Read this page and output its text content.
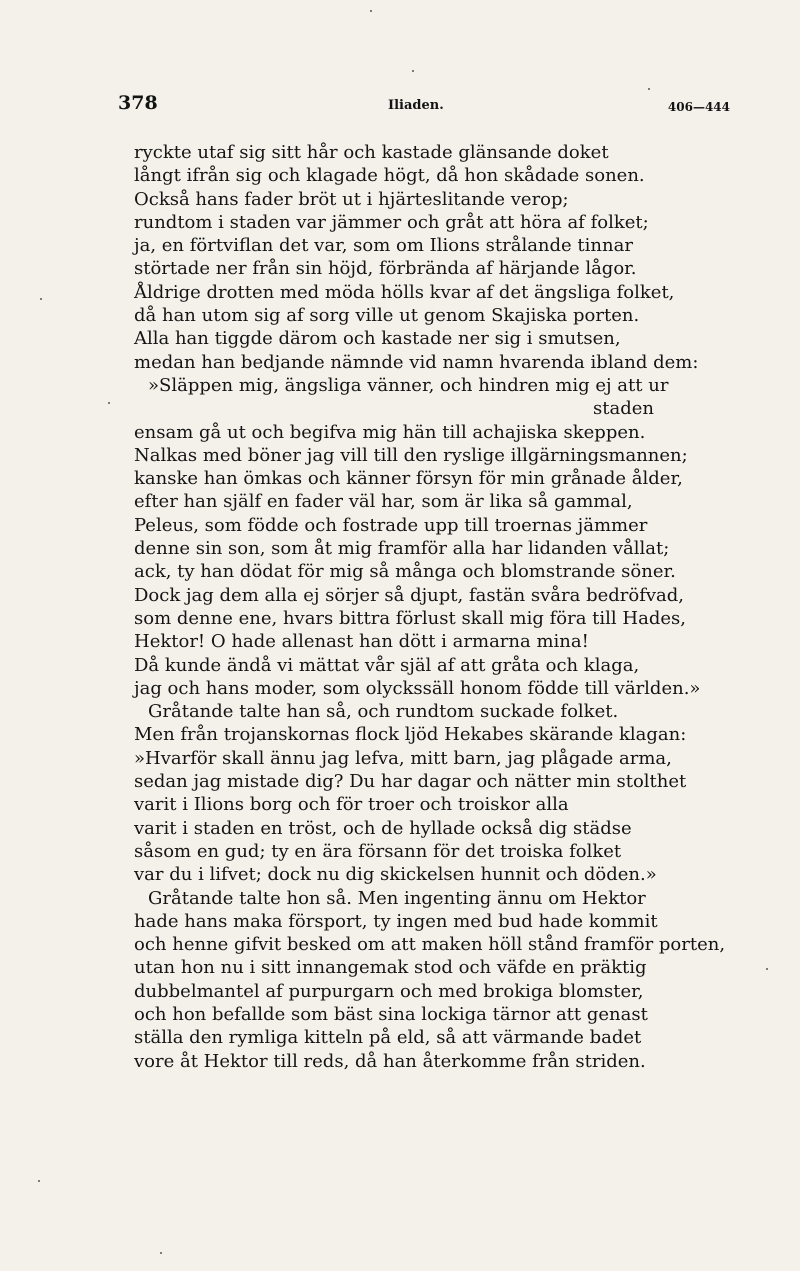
378	Iliaden.	406—444
ryckte utaf sig sitt hår och kastade glänsande doket
långt ifrån sig och klagade högt, då hon skådade sonen.
Också hans fader bröt ut i hjärteslitande verop;
rundtom i staden var jämmer och gråt att höra af folket;
ja, en förtviflan det var, som om Ilions strålande tinnar
störtade ner från sin höjd, förbrända af härjande lågor.
Åldrige drotten med möda hölls kvar af det ängsliga folket,
då han utom sig af sorg ville ut genom Skajiska porten.
Alla han tiggde därom och kastade ner sig i smutsen,
medan han bedjande nämnde vid namn hvarenda ibland dem:
»Släppen mig, ängsliga vänner, och hindren mig ej att ur
staden
ensam gå ut och begifva mig hän till achajiska skeppen.
Nalkas med böner jag vill till den ryslige illgärningsmannen;
kanske han ömkas och känner försyn för min grånade ålder,
efter han själf en fader väl har, som är lika så gammal,
Peleus, som födde och fostrade upp till troernas jämmer
denne sin son, som åt mig framför alla har lidanden vållat;
ack, ty han dödat för mig så många och blomstrande söner.
Dock jag dem alla ej sörjer så djupt, fastän svåra bedröfvad,
som denne ene, hvars bittra förlust skall mig föra till Hades,
Hektor! O hade allenast han dött i armarna mina!
Då kunde ändå vi mättat vår själ af att gråta och klaga,
jag och hans moder, som olyckssäll honom födde till världen.»
Gråtande talte han så, och rundtom suckade folket.
Men från trojanskornas flock ljöd Hekabes skärande klagan:
»Hvarför skall ännu jag lefva, mitt barn, jag plågade arma,
sedan jag mistade dig? Du har dagar och nätter min stolthet
varit i Ilions borg och för troer och troiskor alla
varit i staden en tröst, och de hyllade också dig städse
såsom en gud; ty en ära försann för det troiska folket
var du i lifvet; dock nu dig skickelsen hunnit och döden.»
Gråtande talte hon så. Men ingenting ännu om Hektor
hade hans maka försport, ty ingen med bud hade kommit
och henne gifvit besked om att maken höll stånd framför porten,
utan hon nu i sitt innangemak stod och väfde en präktig
dubbelmantel af purpurgarn och med brokiga blomster,
och hon befallde som bäst sina lockiga tärnor att genast
ställa den rymliga kitteln på eld, så att värmande badet
vore åt Hektor till reds, då han återkomme från striden.
